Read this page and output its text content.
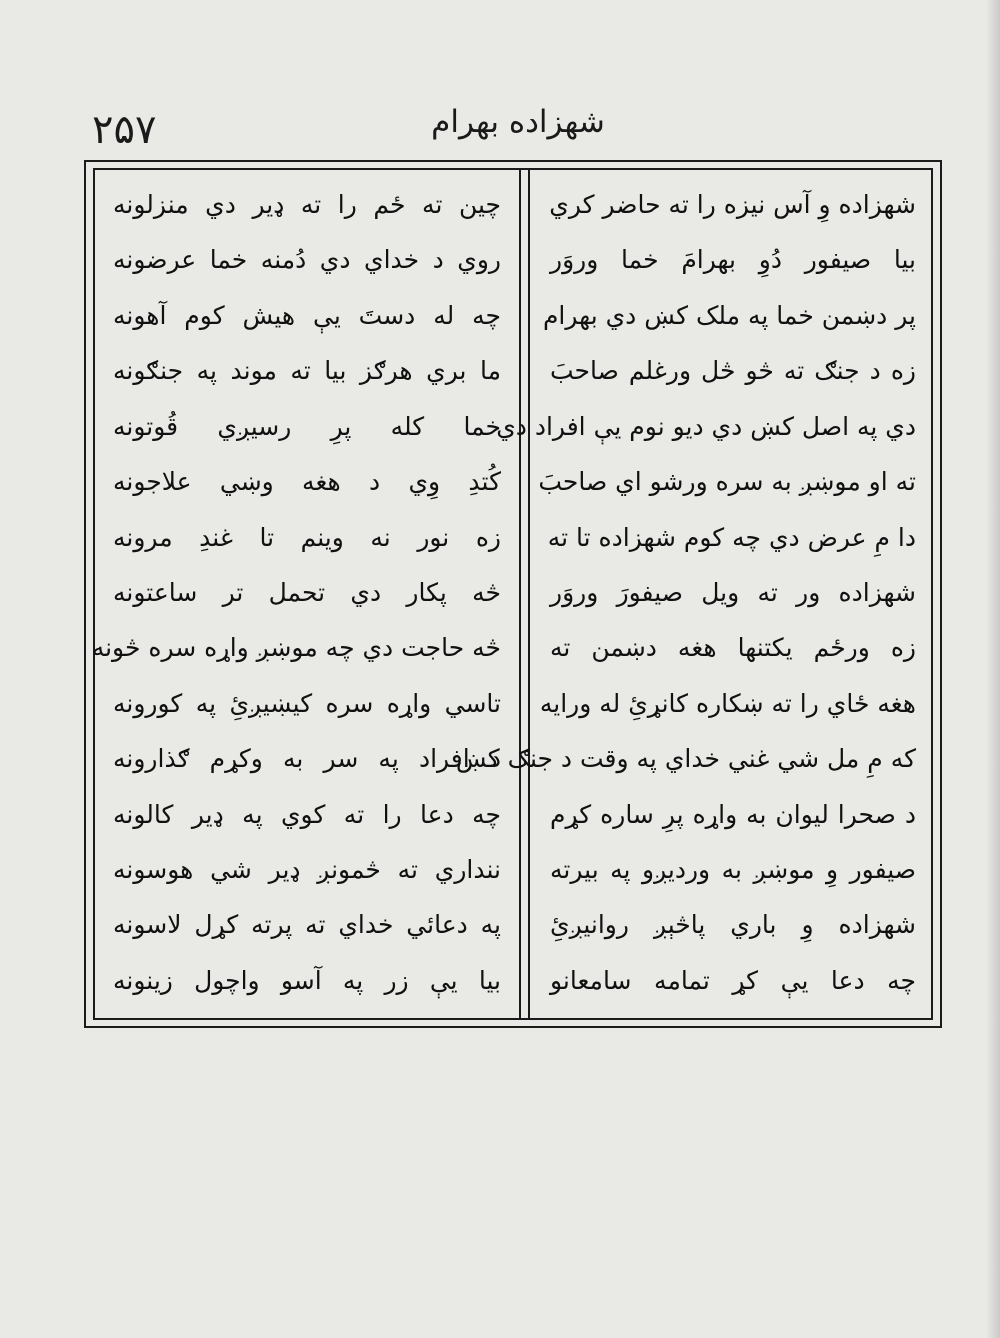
۲۵۷	شهزاده بهرام
شهزاده وِ آس نیزه را ته حاضر کري
بیا صیفور دُوِ بهرامَ خما وروَر
پر دښمن خما په ملک کښ دي بهرام
زه د جنګ ته څو څل ورغلم صاحبَ
دي په اصل کښ دي دیو نوم يې افراد دي
ته او موښږ به سره ورشو اي صاحبَ
دا مِ عرض دي چه کوم شهزاده تا ته
شهزاده ور ته ویل صیفورَ وروَر
زه ورځم یکتنها هغه دښمن ته
هغه ځاي را ته ښکاره کانړئِ له ورایه
که مِ مل شي غني خداي په وقت د جنګ کښ
د صحرا لیوان به واړه پرِ ساره کړم
صیفور وِ موښږ به ورديږو په بیرته
شهزاده وِ باري پاڅېږ روانیږئِ
چه دعا يې کړ تمامه سامعانو
چین ته ځم را ته ډیر دي منزلونه
روي د خداي دي دُمنه خما عرضونه
چه له دستَ يې هیش کوم آهونه
ما بري هرګز بیا ته موند په جنګونه
خما کله پرِ رسیږي قُوتونه
کُتدِ وِي د هغه وښي علاجونه
زه نور نه وینم تا غندِ مرونه
څه پکار دي تحمل تر ساعتونه
څه حاجت دي چه موښږ واړه سره څونه
تاسي واړه سره کیښیږئِ په کورونه
د افراد په سر به وکړم ګذارونه
چه دعا را ته کوي په ډیر کالونه
ننداري ته څمونږ ډیر شي هوسونه
په دعائي خداي ته پرته کړل لاسونه
بیا يې زر په آسو واچول زینونه
